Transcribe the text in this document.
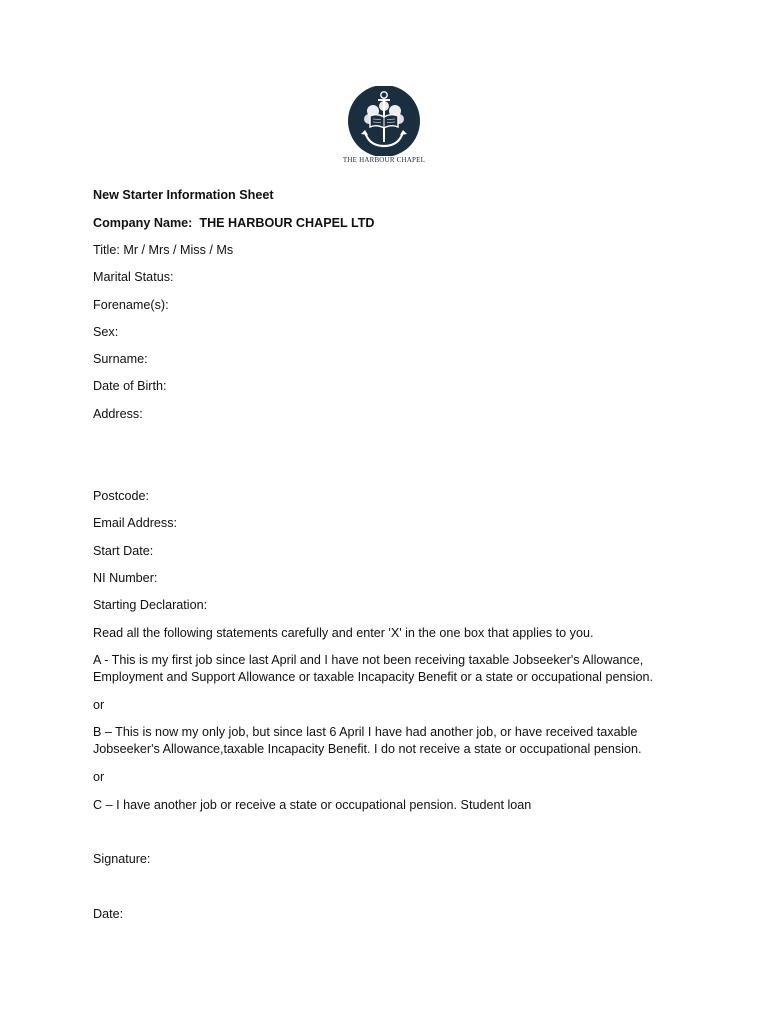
THE HARBOUR CHAPEL
New Starter Information Sheet
Company Name: THE HARBOUR CHAPEL LTD
Title: Mr / Mrs / Miss / Ms
Marital Status:
Forename(s):
Sex:
Surname:
Date of Birth:
Address:
Postcode:
Email Address:
Start Date:
NI Number:
Starting Declaration:
Read all the following statements carefully and enter 'X' in the one box that applies to you.
A - This is my first job since last April and I have not been receiving taxable Jobseeker's Allowance,
Employment and Support Allowance or taxable Incapacity Benefit or a state or occupational pension.
or
B – This is now my only job, but since last 6 April I have had another job, or have received taxable
Jobseeker's Allowance,taxable Incapacity Benefit. I do not receive a state or occupational pension.
or
C – I have another job or receive a state or occupational pension. Student loan
Signature:
Date:
